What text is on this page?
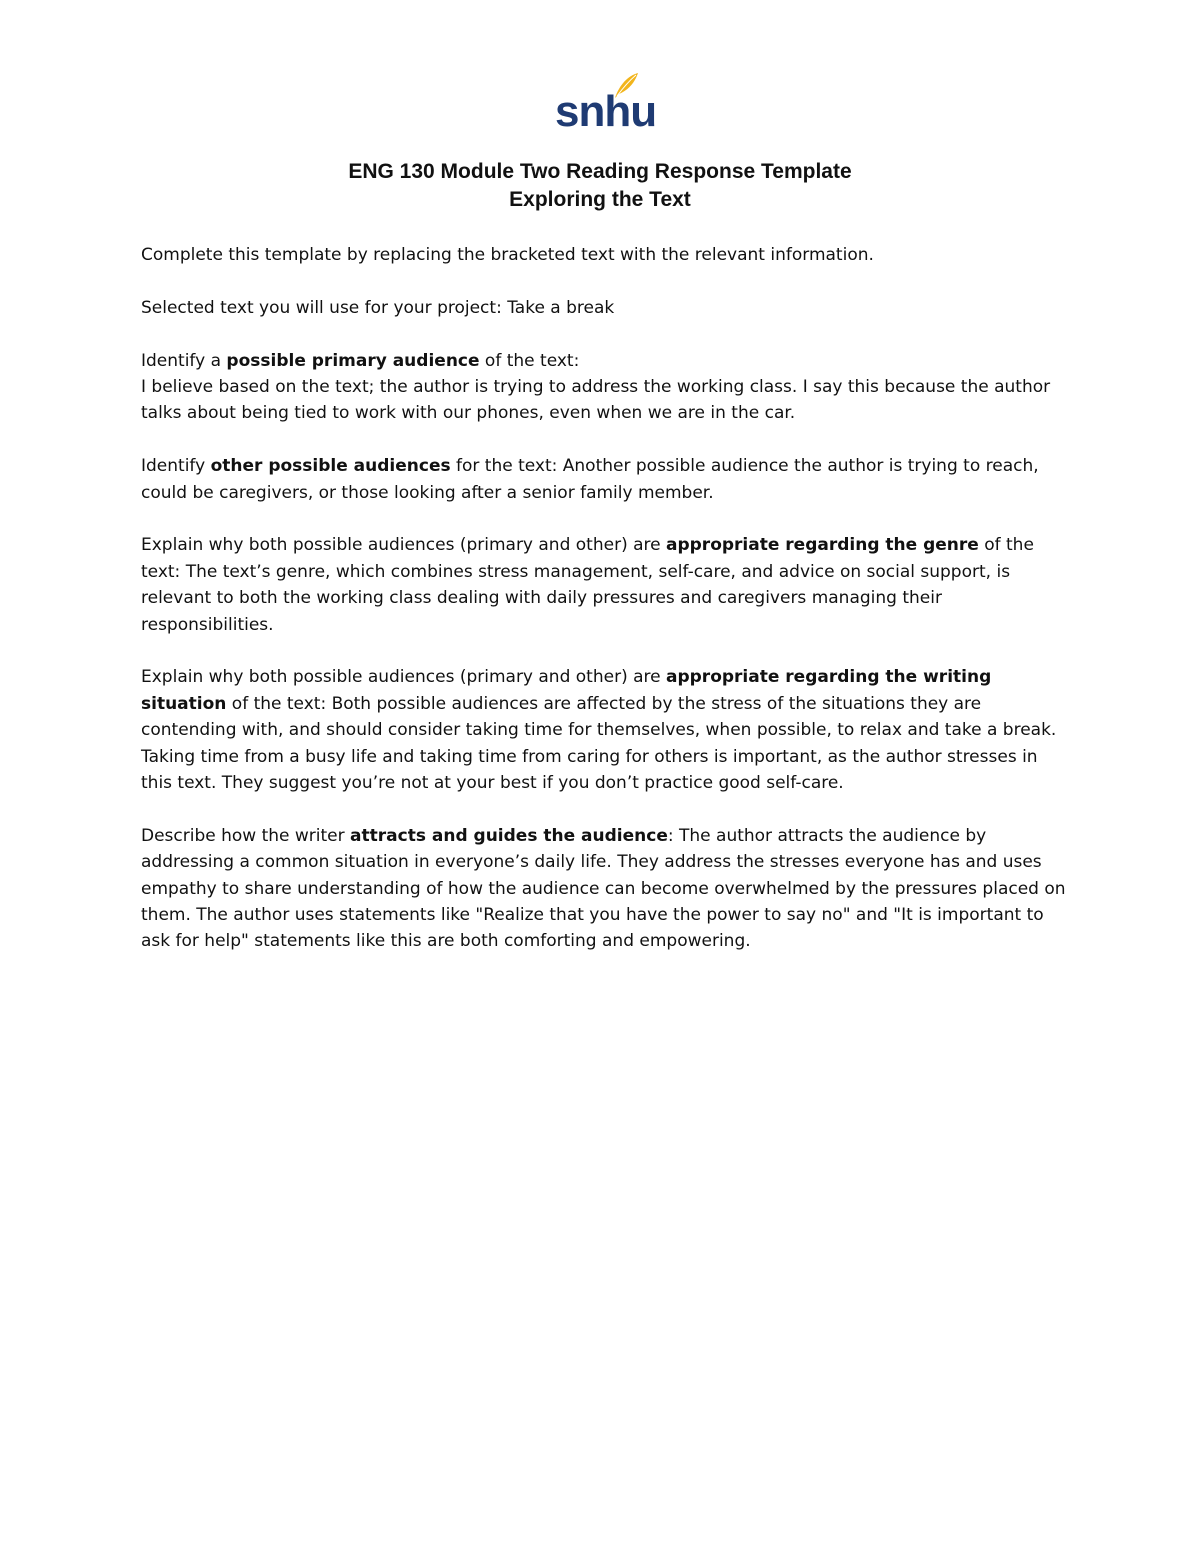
snhu
ENG 130 Module Two Reading Response Template
Exploring the Text

Complete this template by replacing the bracketed text with the relevant information.

Selected text you will use for your project: Take a break

Identify a possible primary audience of the text:
I believe based on the text; the author is trying to address the working class. I say this because the author talks about being tied to work with our phones, even when we are in the car.

Identify other possible audiences for the text: Another possible audience the author is trying to reach, could be caregivers, or those looking after a senior family member.

Explain why both possible audiences (primary and other) are appropriate regarding the genre of the text: The text’s genre, which combines stress management, self-care, and advice on social support, is relevant to both the working class dealing with daily pressures and caregivers managing their responsibilities.

Explain why both possible audiences (primary and other) are appropriate regarding the writing situation of the text: Both possible audiences are affected by the stress of the situations they are contending with, and should consider taking time for themselves, when possible, to relax and take a break. Taking time from a busy life and taking time from caring for others is important, as the author stresses in this text. They suggest you’re not at your best if you don’t practice good self-care.

Describe how the writer attracts and guides the audience: The author attracts the audience by addressing a common situation in everyone’s daily life. They address the stresses everyone has and uses empathy to share understanding of how the audience can become overwhelmed by the pressures placed on them. The author uses statements like "Realize that you have the power to say no" and "It is important to ask for help" statements like this are both comforting and empowering.
